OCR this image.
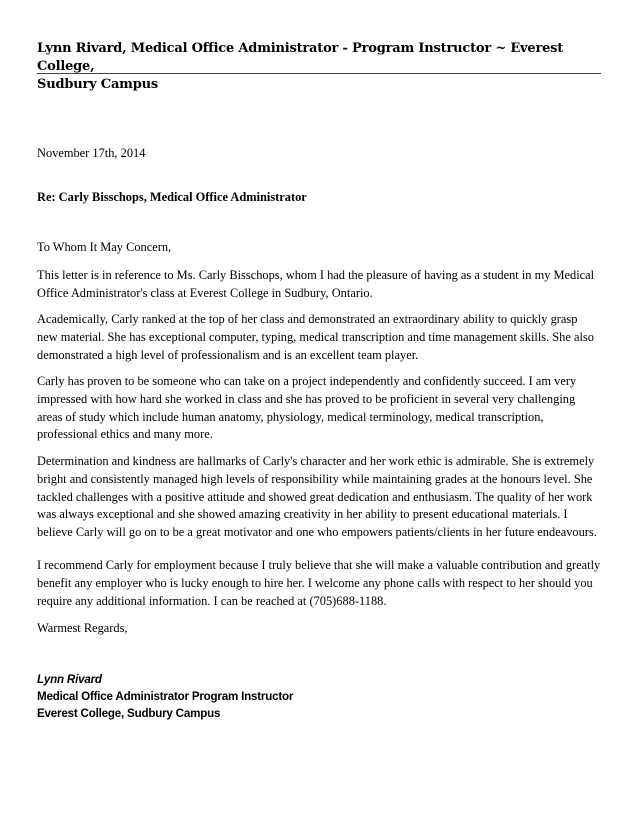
Lynn Rivard, Medical Office Administrator - Program Instructor ~ Everest College,
Sudbury Campus

November 17th, 2014

Re: Carly Bisschops, Medical Office Administrator

To Whom It May Concern,

This letter is in reference to Ms. Carly Bisschops, whom I had the pleasure of having as a student in my Medical Office Administrator's class at Everest College in Sudbury, Ontario.

Academically, Carly ranked at the top of her class and demonstrated an extraordinary ability to quickly grasp new material. She has exceptional computer, typing, medical transcription and time management skills. She also demonstrated a high level of professionalism and is an excellent team player.

Carly has proven to be someone who can take on a project independently and confidently succeed. I am very impressed with how hard she worked in class and she has proved to be proficient in several very challenging areas of study which include human anatomy, physiology, medical terminology, medical transcription, professional ethics and many more.

Determination and kindness are hallmarks of Carly's character and her work ethic is admirable. She is extremely bright and consistently managed high levels of responsibility while maintaining grades at the honours level. She tackled challenges with a positive attitude and showed great dedication and enthusiasm. The quality of her work was always exceptional and she showed amazing creativity in her ability to present educational materials. I believe Carly will go on to be a great motivator and one who empowers patients/clients in her future endeavours.

I recommend Carly for employment because I truly believe that she will make a valuable contribution and greatly benefit any employer who is lucky enough to hire her. I welcome any phone calls with respect to her should you require any additional information. I can be reached at (705)688-1188.

Warmest Regards,

Lynn Rivard
Medical Office Administrator Program Instructor
Everest College, Sudbury Campus
